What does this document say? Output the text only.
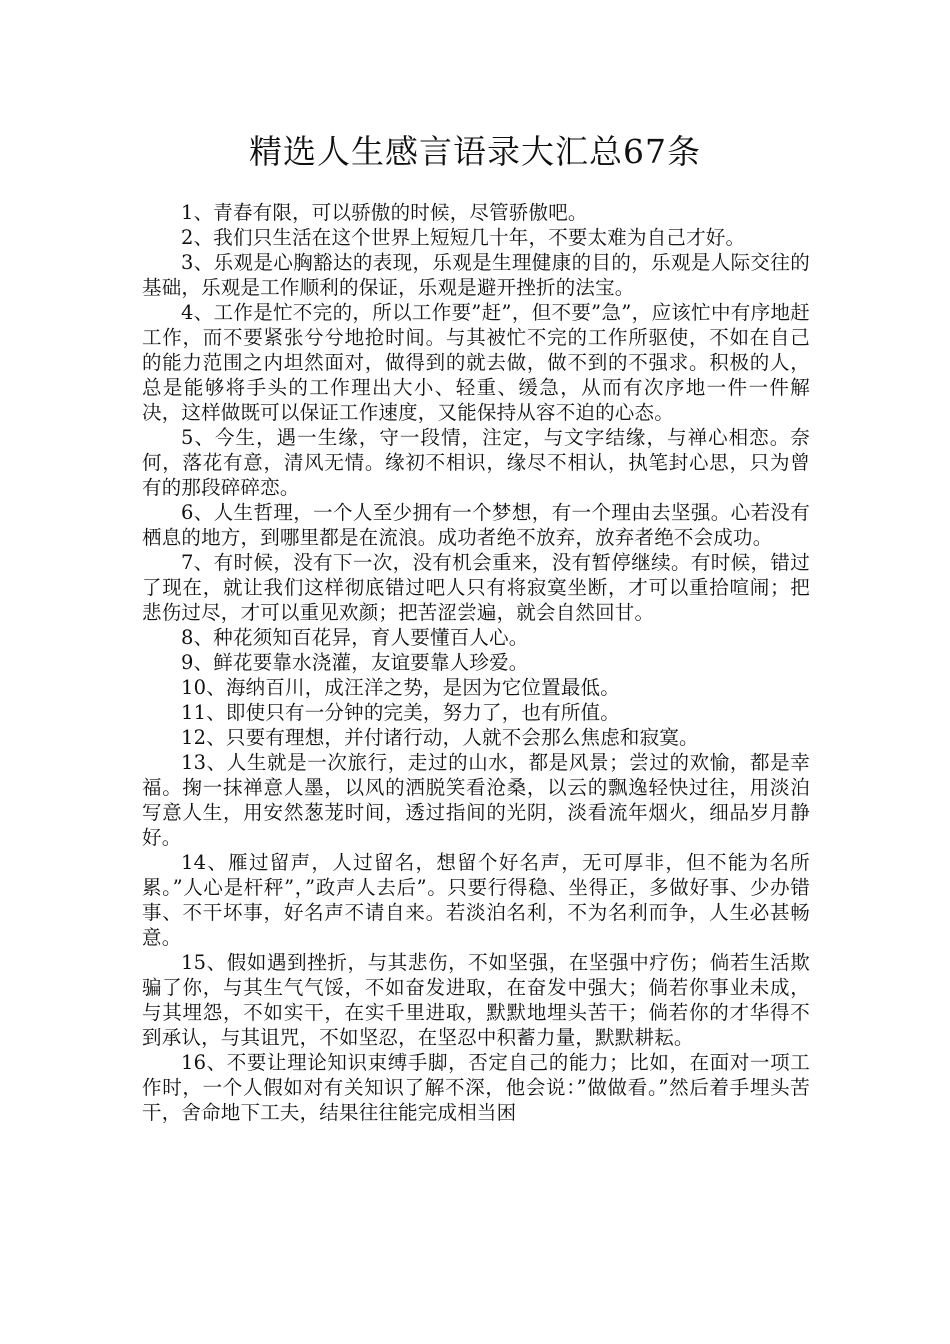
精选人生感言语录大汇总67条

1、青春有限，可以骄傲的时候，尽管骄傲吧。

2、我们只生活在这个世界上短短几十年，不要太难为自己才好。

3、乐观是心胸豁达的表现，乐观是生理健康的目的，乐观是人际交往的基础，乐观是工作顺利的保证，乐观是避开挫折的法宝。

4、工作是忙不完的，所以工作要”赶”，但不要”急”，应该忙中有序地赶工作，而不要紧张兮兮地抢时间。与其被忙不完的工作所驱使，不如在自己的能力范围之内坦然面对，做得到的就去做，做不到的不强求。积极的人，总是能够将手头的工作理出大小、轻重、缓急，从而有次序地一件一件解决，这样做既可以保证工作速度，又能保持从容不迫的心态。

5、今生，遇一生缘，守一段情，注定，与文字结缘，与禅心相恋。奈何，落花有意，清风无情。缘初不相识，缘尽不相认，执笔封心思，只为曾有的那段碎碎恋。

6、人生哲理，一个人至少拥有一个梦想，有一个理由去坚强。心若没有栖息的地方，到哪里都是在流浪。成功者绝不放弃，放弃者绝不会成功。

7、有时候，没有下一次，没有机会重来，没有暂停继续。有时候，错过了现在，就让我们这样彻底错过吧人只有将寂寞坐断，才可以重拾喧闹；把悲伤过尽，才可以重见欢颜；把苦涩尝遍，就会自然回甘。

8、种花须知百花异，育人要懂百人心。

9、鲜花要靠水浇灌，友谊要靠人珍爱。

10、海纳百川，成汪洋之势，是因为它位置最低。

11、即使只有一分钟的完美，努力了，也有所值。

12、只要有理想，并付诸行动，人就不会那么焦虑和寂寞。

13、人生就是一次旅行，走过的山水，都是风景；尝过的欢愉，都是幸福。掬一抹禅意人墨，以风的洒脱笑看沧桑，以云的飘逸轻快过往，用淡泊写意人生，用安然葱茏时间，透过指间的光阴，淡看流年烟火，细品岁月静好。

14、雁过留声，人过留名，想留个好名声，无可厚非，但不能为名所累。”人心是杆秤”，”政声人去后”。只要行得稳、坐得正，多做好事、少办错事、不干坏事，好名声不请自来。若淡泊名利，不为名利而争，人生必甚畅意。

15、假如遇到挫折，与其悲伤，不如坚强，在坚强中疗伤；倘若生活欺骗了你，与其生气气馁，不如奋发进取，在奋发中强大；倘若你事业未成，与其埋怨，不如实干，在实千里进取，默默地埋头苦干；倘若你的才华得不到承认，与其诅咒，不如坚忍，在坚忍中积蓄力量，默默耕耘。

16、不要让理论知识束缚手脚，否定自己的能力；比如，在面对一项工作时，一个人假如对有关知识了解不深，他会说：”做做看。”然后着手埋头苦干，舍命地下工夫，结果往往能完成相当困
